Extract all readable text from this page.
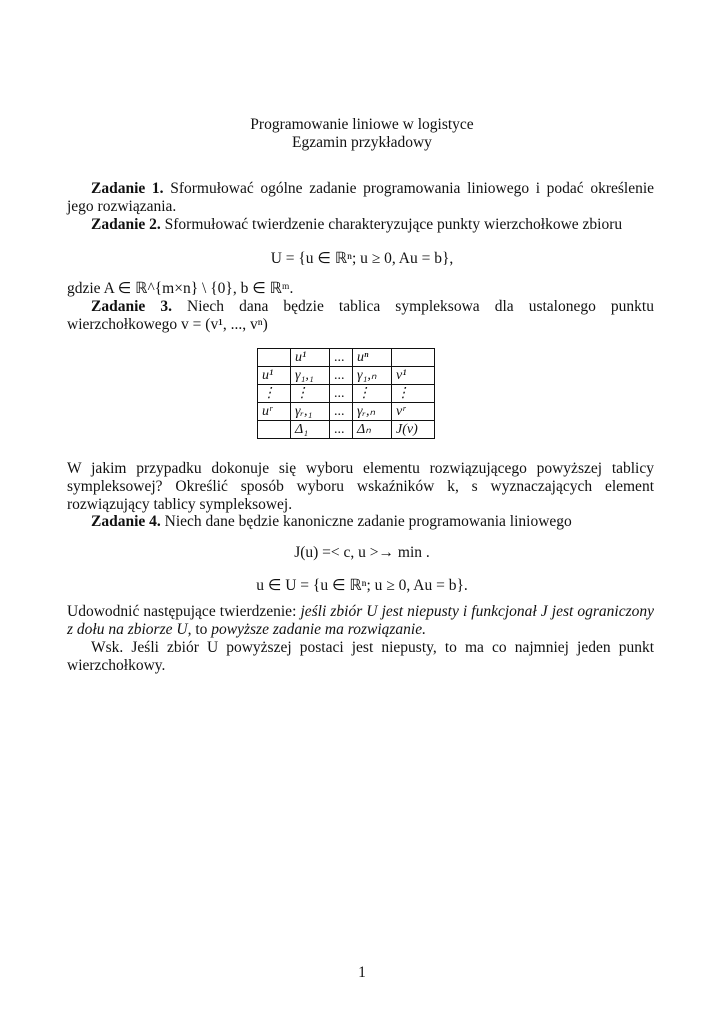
Programowanie liniowe w logistyce
Egzamin przykładowy
Zadanie 1. Sformułować ogólne zadanie programowania liniowego i podać określenie jego rozwiązania.
Zadanie 2. Sformułować twierdzenie charakteryzujące punkty wierzchołkowe zbioru
U = {u ∈ ℝⁿ; u ≥ 0, Au = b},
gdzie A ∈ ℝ^{m×n} \ {0}, b ∈ ℝᵐ.
Zadanie 3. Niech dana będzie tablica sympleksowa dla ustalonego punktu wierzchołkowego v = (v¹, ..., vⁿ)
	u¹	...	uⁿ	
u¹	γ₁,₁	...	γ₁,ₙ	v¹
⋮	⋮	...	⋮	⋮
uʳ	γᵣ,₁	...	γᵣ,ₙ	vʳ
	Δ₁	...	Δₙ	J(v)
W jakim przypadku dokonuje się wyboru elementu rozwiązującego powyższej tablicy sympleksowej? Określić sposób wyboru wskaźników k, s wyznaczających element rozwiązujący tablicy sympleksowej.
Zadanie 4. Niech dane będzie kanoniczne zadanie programowania liniowego
J(u) =< c, u >→ min .
u ∈ U = {u ∈ ℝⁿ; u ≥ 0, Au = b}.
Udowodnić następujące twierdzenie: jeśli zbiór U jest niepusty i funkcjonał J jest ograniczony z dołu na zbiorze U, to powyższe zadanie ma rozwiązanie.
Wsk. Jeśli zbiór U powyższej postaci jest niepusty, to ma co najmniej jeden punkt wierzchołkowy.
1
